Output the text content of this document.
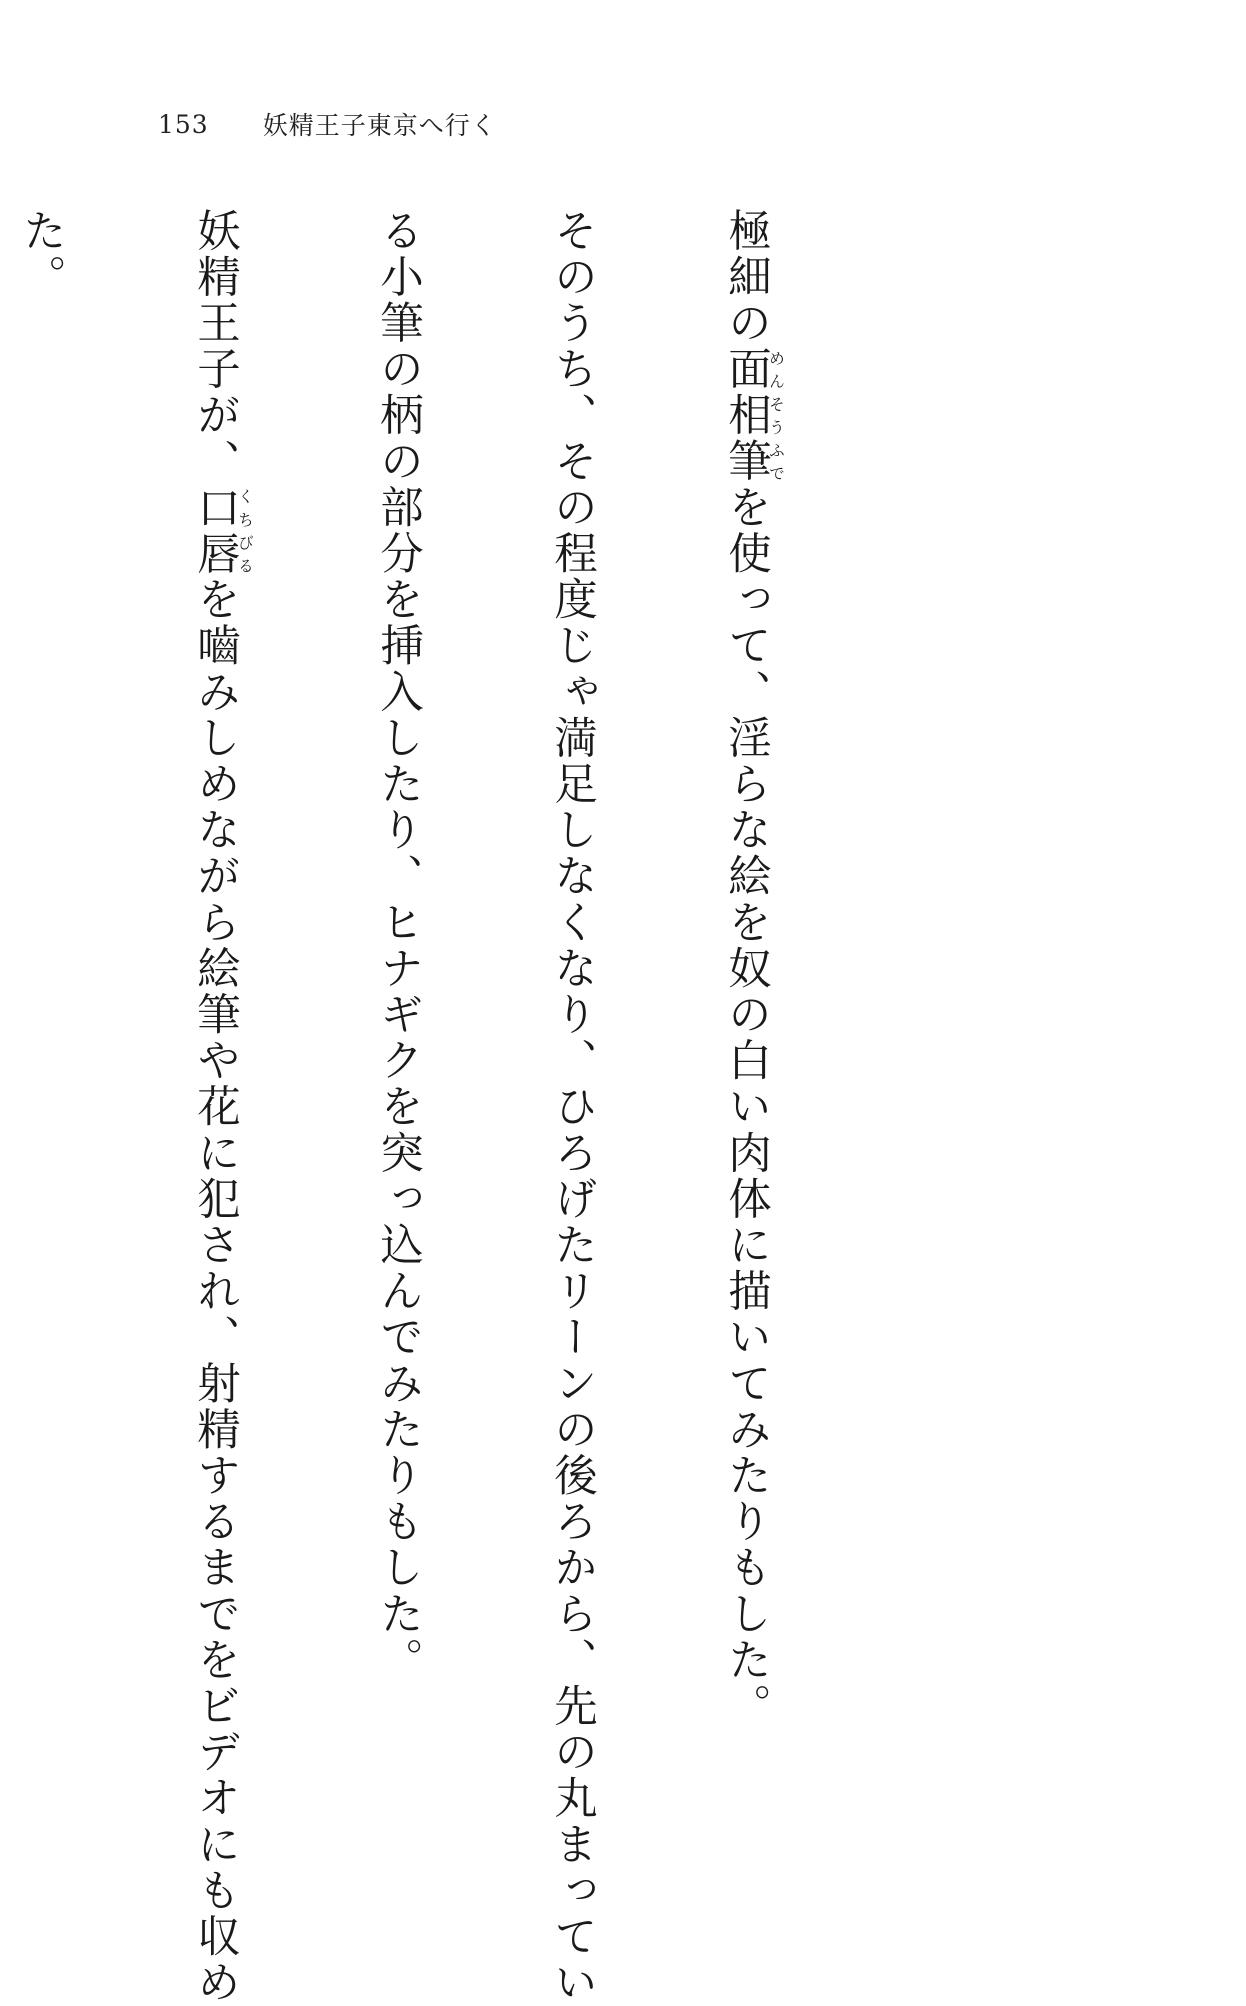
153 妖精王子東京へ行く

極細の面相筆めんそうふでを使って、淫らな絵を奴の白い肉体に描いてみたりもした。

そのうち、その程度じゃ満足しなくなり、ひろげたリーンの後ろから、先の丸まってい

る小筆の柄の部分を挿入したり、ヒナギクを突っ込んでみたりもした。

妖精王子が、口唇くちびるを嚙みしめながら絵筆や花に犯され、射精するまでをビデオにも収め

た。
